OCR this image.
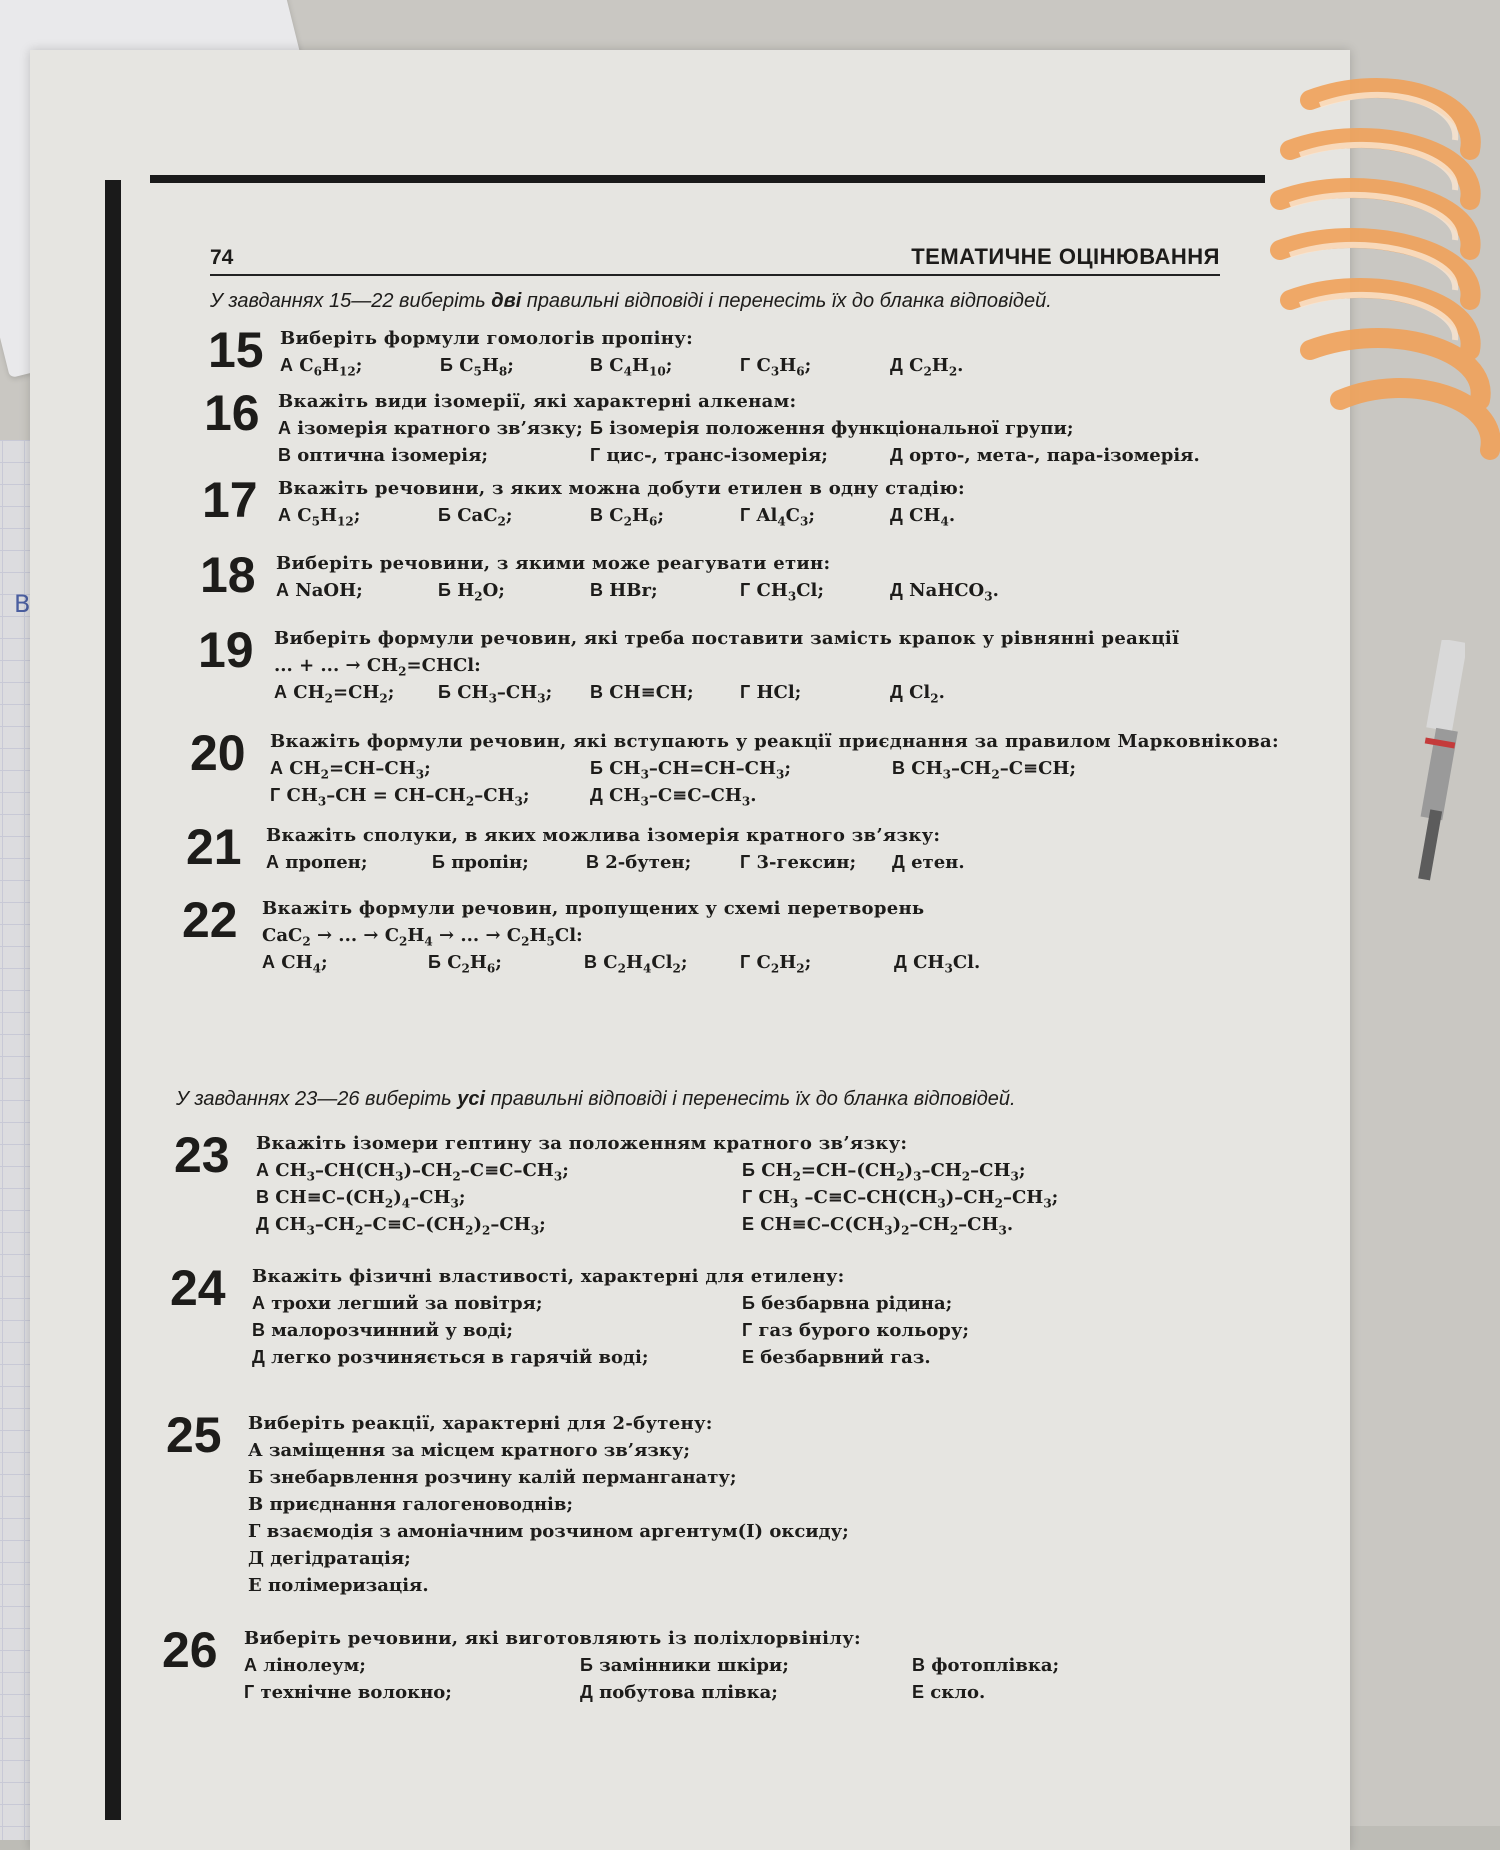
В
74	ТЕМАТИЧНЕ ОЦІНЮВАННЯ
У завданнях 15—22 виберіть дві правильні відповіді і перенесіть їх до бланка відповідей.
15 Виберіть формули гомологів пропіну:
А $C_6H_{12}$;	Б $C_5H_8$;	В $C_4H_{10}$;	Г $C_3H_6$;	Д $C_2H_2$.
16 Вкажіть види ізомерії, які характерні алкенам:
А ізомерія кратного зв’язку; Б ізомерія положення функціональної групи;
В оптична ізомерія;	Г цис-, транс-ізомерія;	Д орто-, мета-, пара-ізомерія.
17 Вкажіть речовини, з яких можна добути етилен в одну стадію:
А $C_5H_{12}$;	Б CaC$_2$;	В $C_2H_6$;	Г $Al_4C_3$;	Д $CH_4$.
18 Виберіть речовини, з якими може реагувати етин:
А NaOH;	Б $H_2O$;	В HBr;	Г $CH_3Cl$;	Д NaHCO$_3$.
19 Виберіть формули речовин, які треба поставити замість крапок у рівнянні реакції
... + ... → $CH_2=CHCl$:
А $CH_2=CH_2$; Б $CH_3-CH_3$; В CH≡CH;	Г HCl;	Д $Cl_2$.
20 Вкажіть формули речовин, які вступають у реакції приєднання за правилом Марковнікова:
А $CH_2=CH-CH_3$;	Б $CH_3-CH=CH-CH_3$;	В $CH_3-CH_2-C\equiv CH$;
Г $CH_3-CH = CH-CH_2-CH_3$;	Д $CH_3-C\equiv C-CH_3$.
21 Вкажіть сполуки, в яких можлива ізомерія кратного зв’язку:
А пропен;	Б пропін;	В 2-бутен;	Г 3-гексин; Д етен.
22 Вкажіть формули речовин, пропущених у схемі перетворень
CaC$_2$ → ... → $C_2H_4$ → ... → $C_2H_5Cl$:
А $CH_4$;	Б $C_2H_6$;	В $C_2H_4Cl_2$;	Г $C_2H_2$;	Д $CH_3Cl$.
У завданнях 23—26 виберіть усі правильні відповіді і перенесіть їх до бланка відповідей.
23 Вкажіть ізомери гептину за положенням кратного зв’язку:
А $CH_3-CH(CH_3)-CH_2-C\equiv C-CH_3$;	Б $CH_2=CH-(CH_2)_3-CH_2-CH_3$;
В $CH\equiv C-(CH_2)_4-CH_3$;	Г $CH_3$ $-C\equiv C-CH(CH_3)-CH_2-CH_3$;
Д $CH_3-CH_2-C\equiv C-(CH_2)_2-CH_3$;	Е $CH\equiv C-C(CH_3)_2-CH_2-CH_3$.
24 Вкажіть фізичні властивості, характерні для етилену:
А трохи легший за повітря;	Б безбарвна рідина;
В малорозчинний у воді;	Г газ бурого кольору;
Д легко розчиняється в гарячій воді;	Е безбарвний газ.
25 Виберіть реакції, характерні для 2-бутену:
А заміщення за місцем кратного зв’язку;
Б знебарвлення розчину калій перманганату;
В приєднання галогеноводнів;
Г взаємодія з амоніачним розчином аргентум(I) оксиду;
Д дегідратація;
Е полімеризація.
26 Виберіть речовини, які виготовляють із поліхлорвінілу:
А лінолеум;	Б замінники шкіри;	В фотоплівка;
Г технічне волокно;	Д побутова плівка;	Е скло.
